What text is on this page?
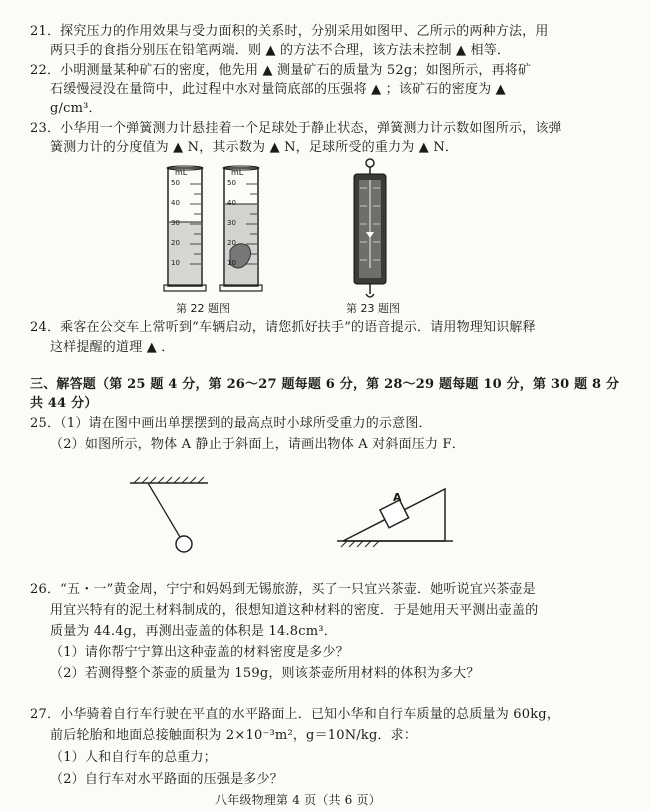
21．探究压力的作用效果与受力面积的关系时，分别采用如图甲、乙所示的两种方法，用
两只手的食指分别压在铅笔两端．则 ▲ 的方法不合理，该方法未控制 ▲ 相等．
22．小明测量某种矿石的密度，他先用 ▲ 测量矿石的质量为 52g；如图所示，再将矿
石缓慢浸没在量筒中，此过程中水对量筒底部的压强将 ▲ ；该矿石的密度为 ▲
g/cm³．
23．小华用一个弹簧测力计悬挂着一个足球处于静止状态，弹簧测力计示数如图所示，该弹
簧测力计的分度值为 ▲ N，其示数为 ▲ N，足球所受的重力为 ▲ N．
mL	mL
50
40
30
20
10
50
40
30
20
10
第 22 题图	第 23 题图
24．乘客在公交车上常听到“车辆启动，请您抓好扶手”的语音提示．请用物理知识解释
这样提醒的道理 ▲ ．
三、解答题（第 25 题 4 分，第 26～27 题每题 6 分，第 28～29 题每题 10 分，第 30 题 8 分
共 44 分）
25．（1）请在图中画出单摆摆到的最高点时小球所受重力的示意图．
（2）如图所示，物体 A 静止于斜面上，请画出物体 A 对斜面压力 F．
A
26．“五・一”黄金周，宁宁和妈妈到无锡旅游，买了一只宜兴茶壶．她听说宜兴茶壶是
用宜兴特有的泥土材料制成的，很想知道这种材料的密度．于是她用天平测出壶盖的
质量为 44.4g，再测出壶盖的体积是 14.8cm³．
（1）请你帮宁宁算出这种壶盖的材料密度是多少？
（2）若测得整个茶壶的质量为 159g，则该茶壶所用材料的体积为多大？
27．小华骑着自行车行驶在平直的水平路面上．已知小华和自行车质量的总质量为 60kg，
前后轮胎和地面总接触面积为 2×10⁻³m²，g＝10N/kg．求：
（1）人和自行车的总重力；
（2）自行车对水平路面的压强是多少？
八年级物理第 4 页（共 6 页）
